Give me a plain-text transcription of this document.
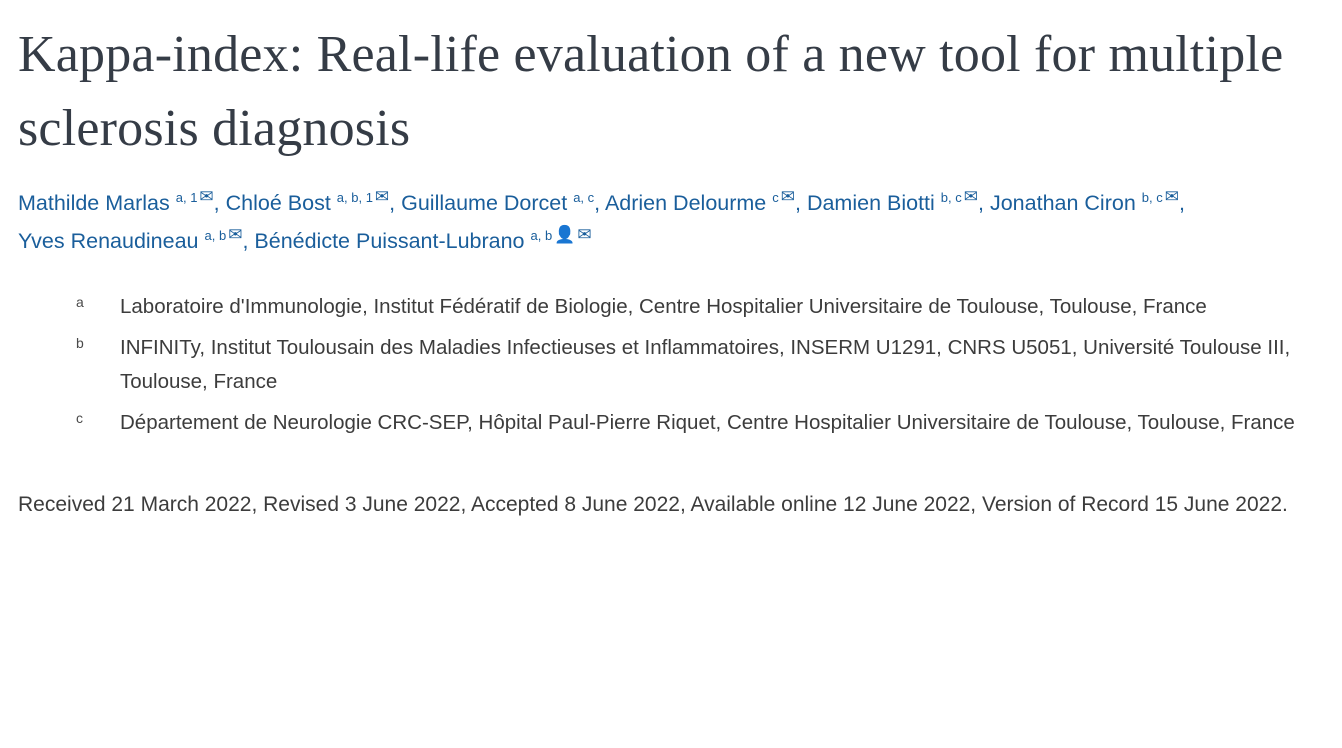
Kappa-index: Real-life evaluation of a new tool for multiple sclerosis diagnosis
Mathilde Marlas $^{a, 1}$ ✉, Chloé Bost $^{a, b, 1}$ ✉, Guillaume Dorcet $^{a, c}$, Adrien Delourme $^c$ ✉, Damien Biotti $^{b, c}$ ✉, Jonathan Ciron $^{b, c}$ ✉, Yves Renaudineau $^{a, b}$ ✉, Bénédicte Puissant-Lubrano $^{a, b}$ 👤 ✉
a	Laboratoire d'Immunologie, Institut Fédératif de Biologie, Centre Hospitalier Universitaire de Toulouse, Toulouse, France
b	INFINITy, Institut Toulousain des Maladies Infectieuses et Inflammatoires, INSERM U1291, CNRS U5051, Université Toulouse III, Toulouse, France
c	Département de Neurologie CRC-SEP, Hôpital Paul-Pierre Riquet, Centre Hospitalier Universitaire de Toulouse, Toulouse, France
Received 21 March 2022, Revised 3 June 2022, Accepted 8 June 2022, Available online 12 June 2022, Version of Record 15 June 2022.
